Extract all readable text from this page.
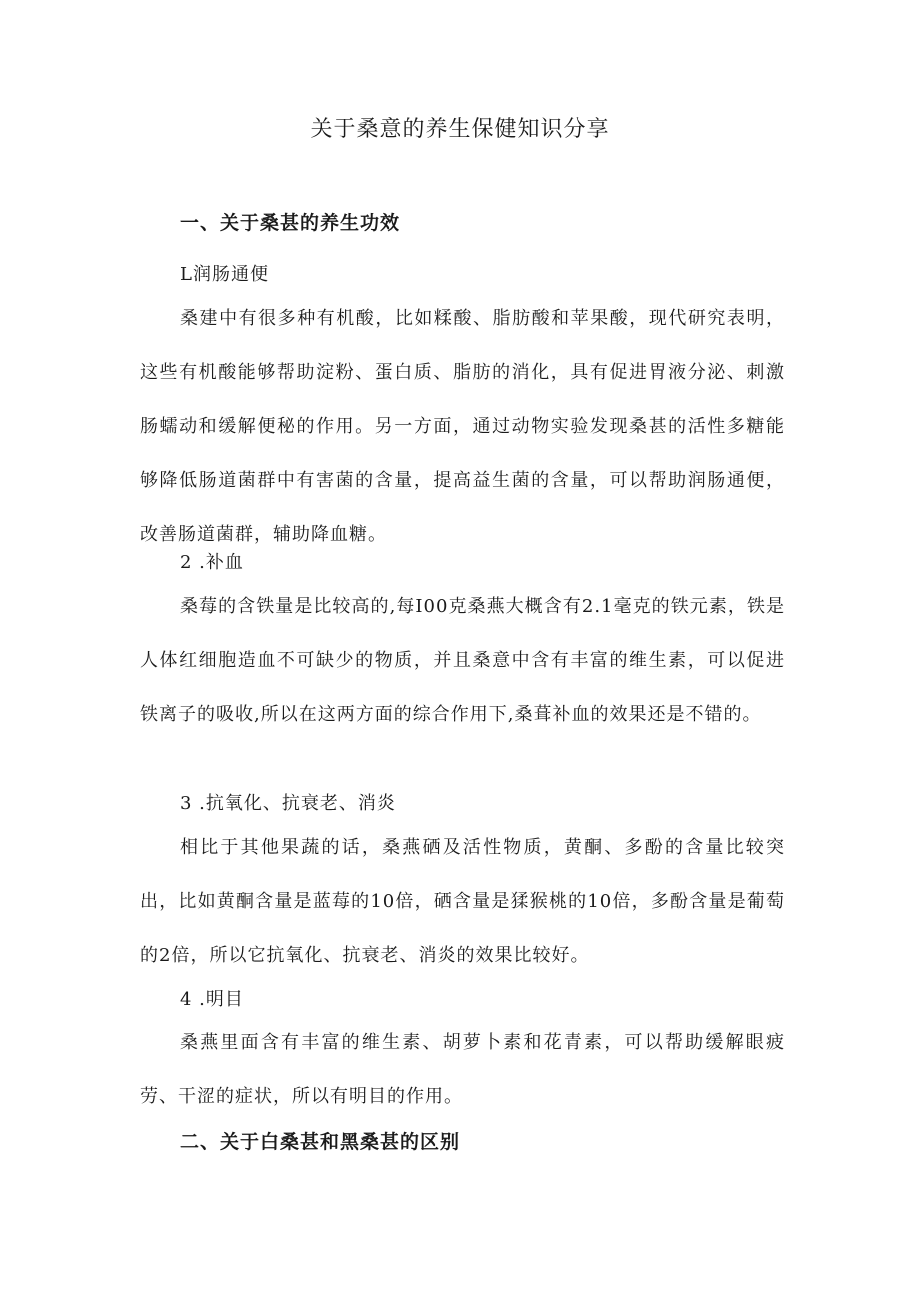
关于桑意的养生保健知识分享
一、关于桑甚的养生功效

L润肠通便

桑建中有很多种有机酸，比如糅酸、脂肪酸和苹果酸，现代研究表明，这些有机酸能够帮助淀粉、蛋白质、脂肪的消化，具有促进胃液分泌、刺激肠蠕动和缓解便秘的作用。另一方面，通过动物实验发现桑甚的活性多糖能够降低肠道菌群中有害菌的含量，提高益生菌的含量，可以帮助润肠通便，改善肠道菌群，辅助降血糖。

2 .补血

桑莓的含铁量是比较高的,每I00克桑燕大概含有2.1毫克的铁元素，铁是人体红细胞造血不可缺少的物质，并且桑意中含有丰富的维生素，可以促进铁离子的吸收,所以在这两方面的综合作用下,桑葺补血的效果还是不错的。

3 .抗氧化、抗衰老、消炎

相比于其他果蔬的话，桑燕硒及活性物质，黄酮、多酚的含量比较突出，比如黄酮含量是蓝莓的10倍，硒含量是猱猴桃的10倍，多酚含量是葡萄的2倍，所以它抗氧化、抗衰老、消炎的效果比较好。

4 .明目

桑燕里面含有丰富的维生素、胡萝卜素和花青素，可以帮助缓解眼疲劳、干涩的症状，所以有明目的作用。

二、关于白桑甚和黑桑甚的区别
